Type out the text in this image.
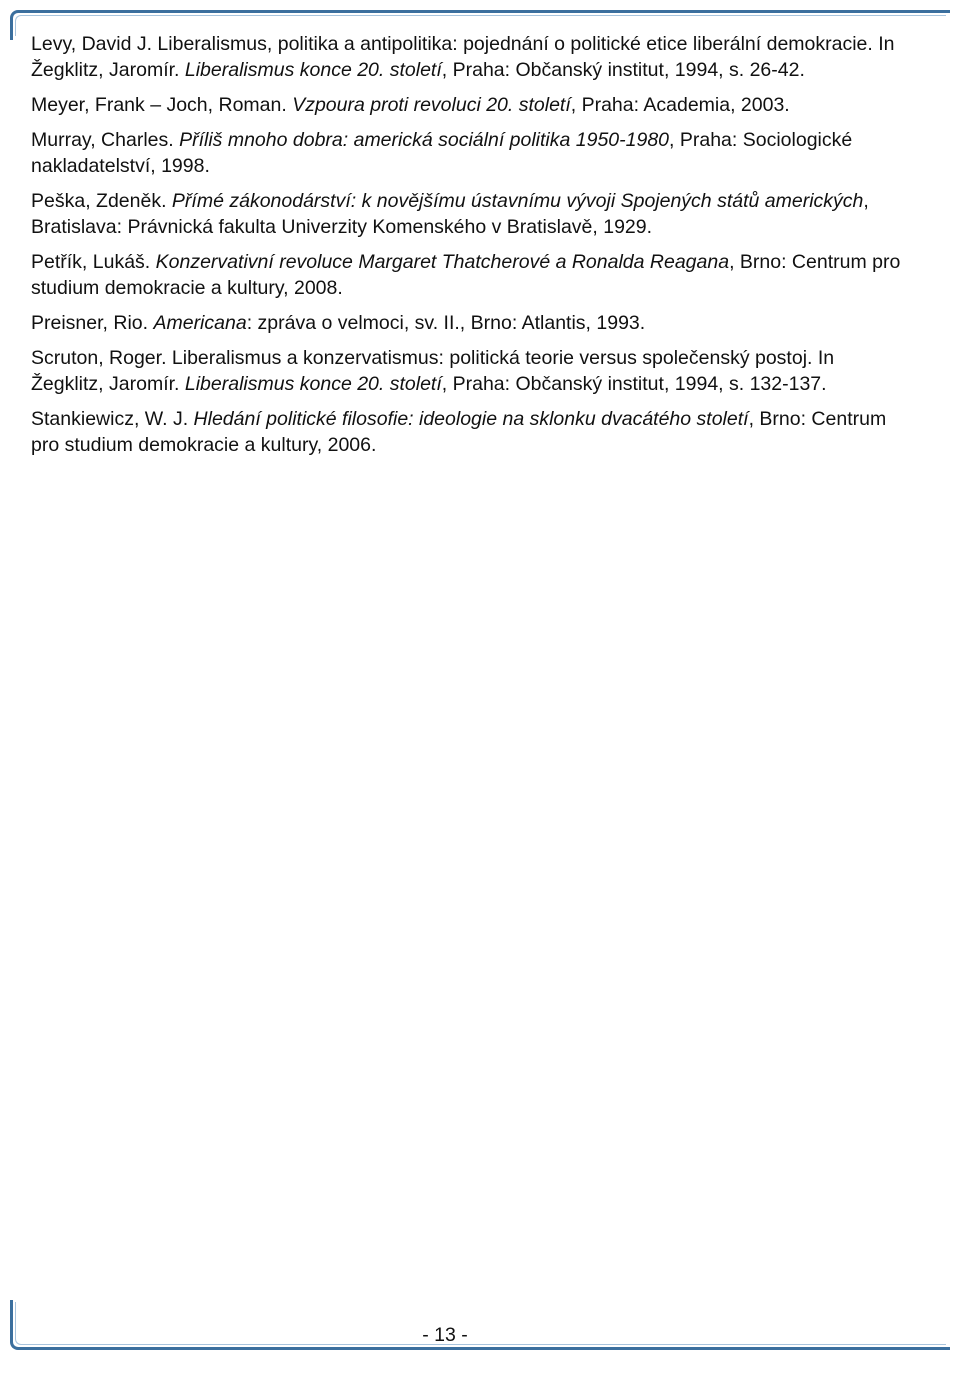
Levy, David J. Liberalismus, politika a antipolitika: pojednání o politické etice liberální demokracie. In Žegklitz, Jaromír. Liberalismus konce 20. století, Praha: Občanský institut, 1994, s. 26-42.

Meyer, Frank – Joch, Roman. Vzpoura proti revoluci 20. století, Praha: Academia, 2003.

Murray, Charles. Příliš mnoho dobra: americká sociální politika 1950-1980, Praha: Sociologické nakladatelství, 1998.

Peška, Zdeněk. Přímé zákonodárství: k novějšímu ústavnímu vývoji Spojených států amerických, Bratislava: Právnická fakulta Univerzity Komenského v Bratislavě, 1929.

Petřík, Lukáš. Konzervativní revoluce Margaret Thatcherové a Ronalda Reagana, Brno: Centrum pro studium demokracie a kultury, 2008.

Preisner, Rio. Americana: zpráva o velmoci, sv. II., Brno: Atlantis, 1993.

Scruton, Roger. Liberalismus a konzervatismus: politická teorie versus společenský postoj. In Žegklitz, Jaromír. Liberalismus konce 20. století, Praha: Občanský institut, 1994, s. 132-137.

Stankiewicz, W. J. Hledání politické filosofie: ideologie na sklonku dvacátého století, Brno: Centrum pro studium demokracie a kultury, 2006.

- 13 -
